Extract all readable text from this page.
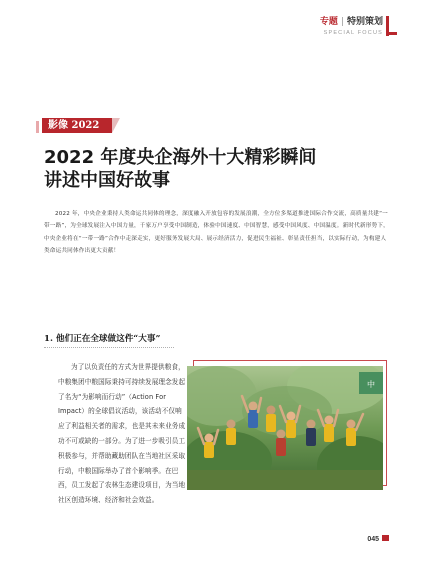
专题 | 特别策划
SPECIAL FOCUS
影像 2022
2022 年度央企海外十大精彩瞬间
讲述中国好故事
2022 年，中央企业秉持人类命运共同体的理念，深度融入开放包容的发展浪潮，全方位多渠道推进国际合作交流，高质量共建“一带一路”，为全球发展注入中国力量，千家万户享受中国制造，体验中国速度、中国智慧，感受中国风度、中国温度。新时代新形势下，中央企业将在“一带一路”合作中走深走实，更好服务发展大局、展示经济活力，促进民生福祉、彰显责任担当，以实际行动，为构建人类命运共同体作出更大贡献！
1. 他们正在全球做这件“大事”
为了以负责任的方式为世界提供粮食，中粮集团中粮国际秉持可持续发展理念发起了名为“为影响而行动”（Action For Impact）的全球倡议活动，该活动不仅响应了利益相关者的需求，也是其未来业务成功不可或缺的一部分。为了进一步吸引员工积极参与，并帮助藏助团队在当地社区采取行动，中粮国际举办了首个影响季。在巴西，员工发起了农林生态建设项目，为当地社区创造环境、经济和社会效益。
中
045
